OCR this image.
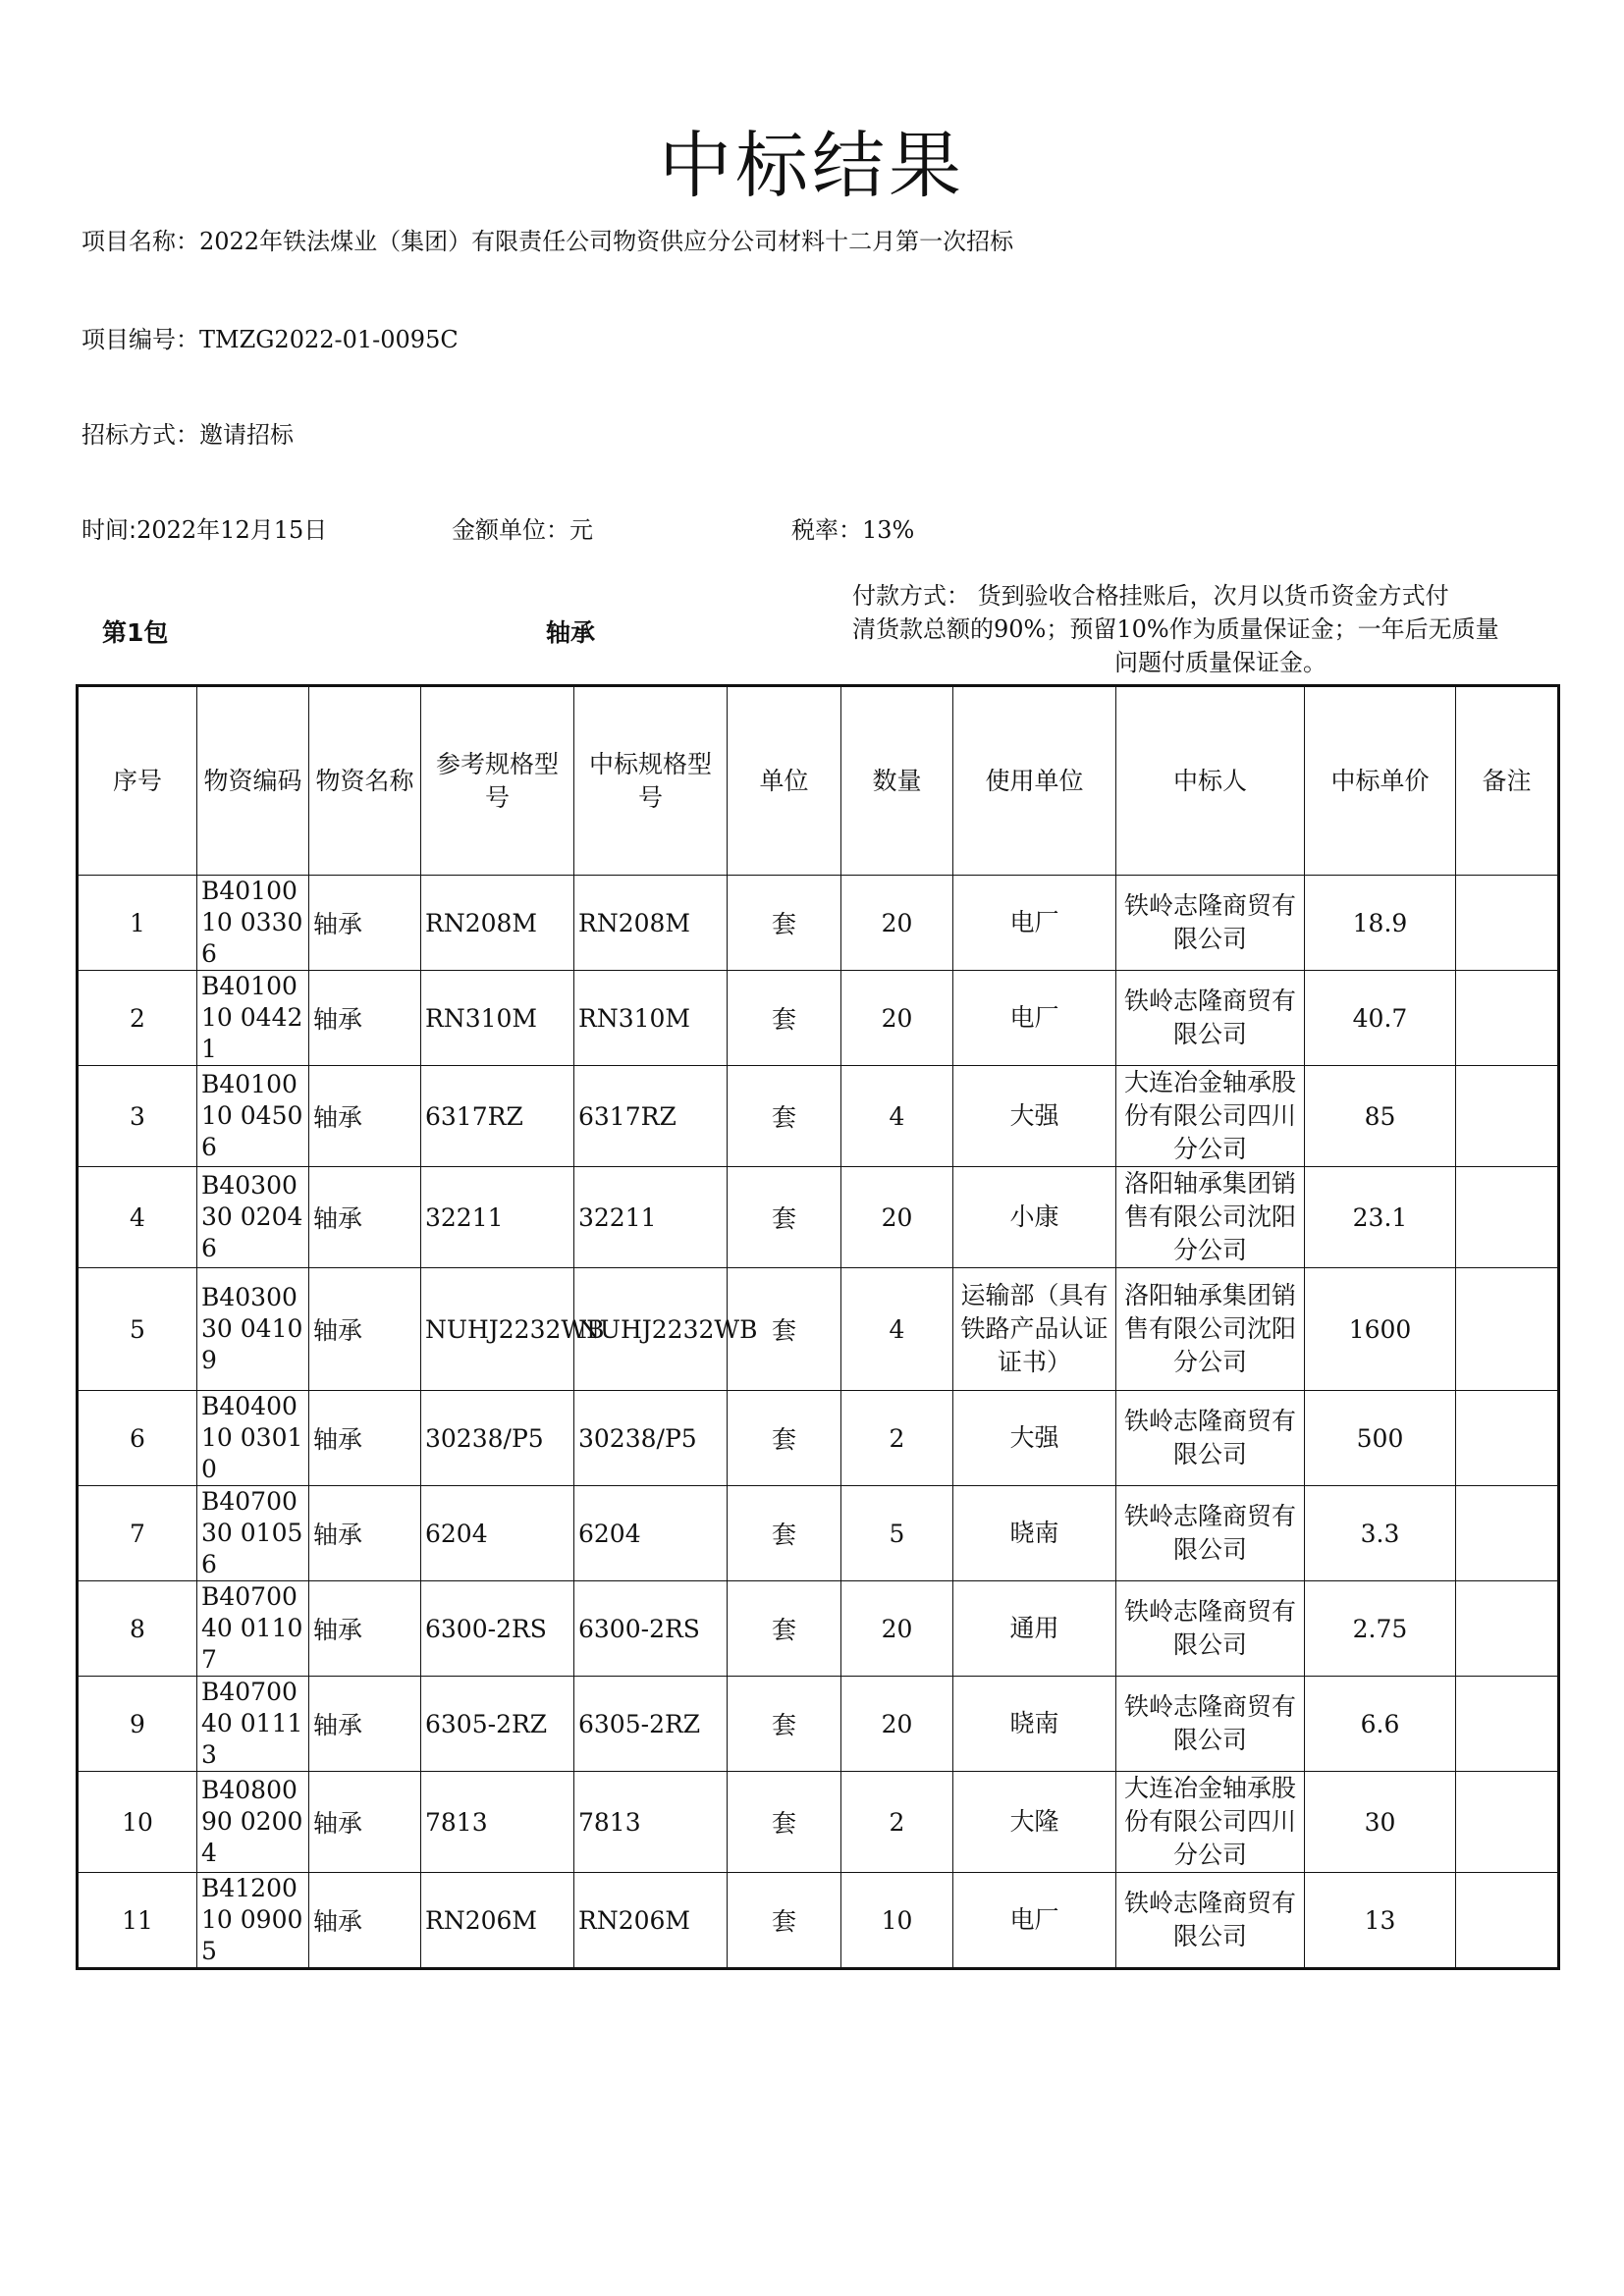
中标结果
项目名称：2022年铁法煤业（集团）有限责任公司物资供应分公司材料十二月第一次招标
项目编号：TMZG2022-01-0095C
招标方式：邀请招标
时间:2022年12月15日	金额单位：元	税率：13%
第1包	轴承
付款方式： 货到验收合格挂账后，次月以货币资金方式付
清货款总额的90%；预留10%作为质量保证金；一年后无质量
问题付质量保证金。
序号	物资编码	物资名称	参考规格型号	中标规格型号	单位	数量	使用单位	中标人	中标单价	备注
1	B4010010 03306	轴承	RN208M	RN208M	套	20	电厂	铁岭志隆商贸有限公司	18.9	
2	B4010010 04421	轴承	RN310M	RN310M	套	20	电厂	铁岭志隆商贸有限公司	40.7	
3	B4010010 04506	轴承	6317RZ	6317RZ	套	4	大强	大连冶金轴承股份有限公司四川分公司	85	
4	B4030030 02046	轴承	32211	32211	套	20	小康	洛阳轴承集团销售有限公司沈阳分公司	23.1	
5	B4030030 04109	轴承	NUHJ2232WB	NUHJ2232WB	套	4	运输部（具有铁路产品认证证书）	洛阳轴承集团销售有限公司沈阳分公司	1600	
6	B4040010 03010	轴承	30238/P5	30238/P5	套	2	大强	铁岭志隆商贸有限公司	500	
7	B4070030 01056	轴承	6204	6204	套	5	晓南	铁岭志隆商贸有限公司	3.3	
8	B4070040 01107	轴承	6300-2RS	6300-2RS	套	20	通用	铁岭志隆商贸有限公司	2.75	
9	B4070040 01113	轴承	6305-2RZ	6305-2RZ	套	20	晓南	铁岭志隆商贸有限公司	6.6	
10	B4080090 02004	轴承	7813	7813	套	2	大隆	大连冶金轴承股份有限公司四川分公司	30	
11	B4120010 09005	轴承	RN206M	RN206M	套	10	电厂	铁岭志隆商贸有限公司	13	
